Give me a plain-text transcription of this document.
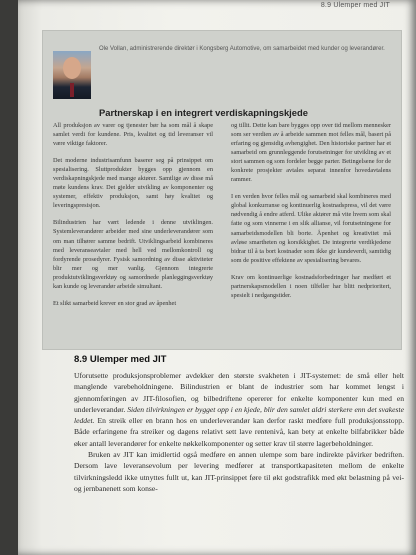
8.9 Ulemper med JIT
Ole Vollan, administrerende direktør i Kongsberg Automotive, om samarbeidet med kunder og leverandører.
Partnerskap i en integrert verdiskapningskjede

All produksjon av varer og tjenester bør ha som mål å skape samlet verdi for kundene. Pris, kvalitet og tid leveranser vil være viktige faktorer.

Det moderne industrisamfunn baserer seg på prinsippet om spesialisering. Sluttprodukter bygges opp gjennom en verdiskapningskjede med mange aktører. Samtlige av disse må møte kundens krav. Det gjelder utvikling av komponenter og systemer, effektiv produksjon, samt høy kvalitet og leveringspresisjon.

Bilindustrien har vært ledende i denne utviklingen. Systemleverandører arbeider med sine underleverandører som om man tilhører samme bedrift. Utviklingsarbeid kombineres med leveranseavtaler med hell ved mellomkontroll og fordyrende prosedyrer. Fysisk samordning av disse aktiviteter blir mer og mer vanlig. Gjennom integrerte produktutviklingsverktøy og samordnede planleggingsverktøy kan kunde og leverandør arbeide simultant.

Et slikt samarbeid krever en stor grad av åpenhet

og tillit. Dette kan bare bygges opp over tid mellom mennesker som ser verdien av å arbeide sammen mot felles mål, basert på erfaring og gjensidig avhengighet. Den historiske partner har et samarbeid om grunnleggende forutsetninger for utvikling av et stort sammen og som fordeler begge parter. Betingelsene for de konkrete prosjekter avtales separat innenfor hovedavtalens rammer.

I en verden hvor felles mål og samarbeid skal kombineres med global konkurranse og kontinuerlig kostnadspress, vil det være nødvendig å endre atferd. Ulike aktører må vite hvem som skal fatte og som vinnerne i en slik allianse, vil forutsetningene for samarbeidsmodellen bli borte. Åpenhet og kreativitet må avløse smartheten og korsikkighet. De integrerte verdikjedene bidrar til å ta bort kostnader som ikke gir kundeverdi, samtidig som de positive effektene av spesialisering bevares.

Krav om kontinuerlige kostnadsforbedringer har medført et partnerskapsmodellen i noen tilfeller har blitt nedprioritert, spesielt i nedgangstider.

8.9 Ulemper med JIT

Uforutsette produksjonsproblemer avdekker den største svakheten i JIT-systemet: de små eller helt manglende varebeholdningene. Bilindustrien er blant de industrier som har kommet lengst i gjennomføringen av JIT-filosofien, og bilbedriftene opererer for enkelte komponenter kun med en underleverandør. Siden tilvirkningen er bygget opp i en kjede, blir den samlet aldri sterkere enn det svakeste leddet. En streik eller en brann hos en underleverandør kan derfor raskt medføre full produksjonsstopp. Både erfaringene fra streiker og dagens relativt sett lave rentenivå, kan bety at enkelte bilfabrikker både øker antall leverandører for enkelte nøkkelkomponenter og setter krav til større lagerbeholdninger.

Bruken av JIT kan imidlertid også medføre en annen ulempe som bare indirekte påvirker bedriften. Dersom lave leveransevolum per levering medfører at transportkapasiteten mellom de enkelte tilvirkningsledd ikke utnyttes fullt ut, kan JIT-prinsippet føre til økt godstrafikk med økt belastning på vei- og jernbanenett som konse-
